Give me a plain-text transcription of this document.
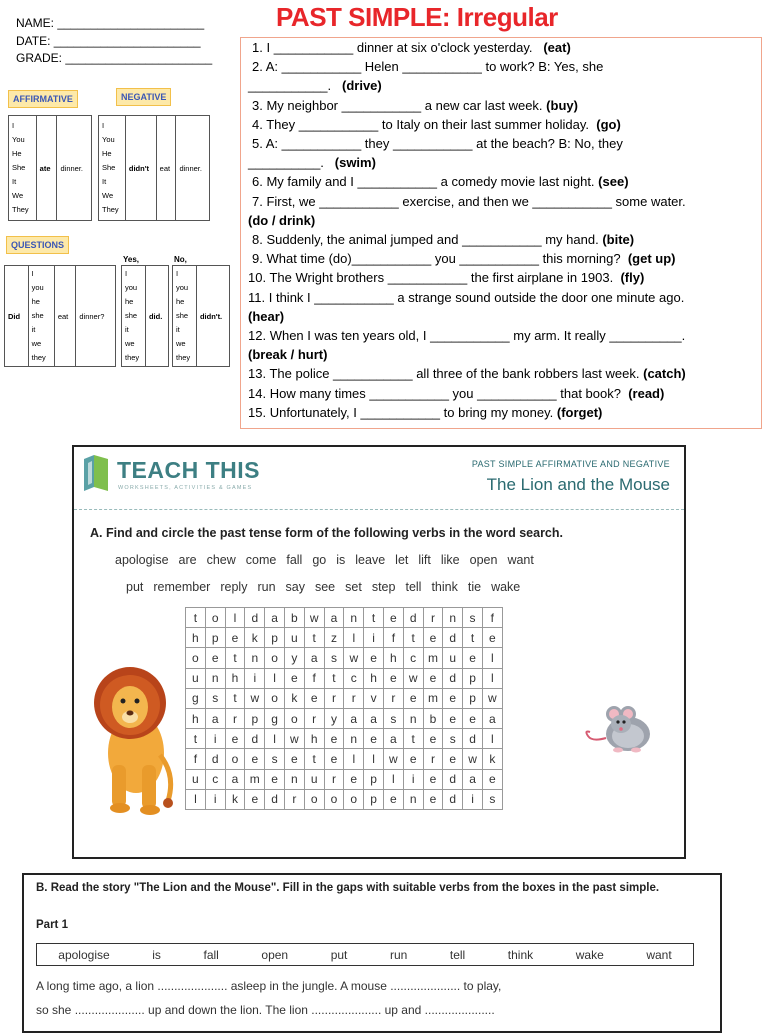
NAME: ______________________
DATE: ______________________
GRADE: ______________________
PAST SIMPLE: Irregular
AFFIRMATIVE	NEGATIVE
QUESTIONS
I
You
He
She
It
We
They
	ate	dinner.
I
You
He
She
It
We
They
	didn't	eat	dinner.
Did	
I
you
he
she
it
we
they
	eat	dinner?
Yes,	No,
I
you
he
she
it
we
they
	did.
I
you
he
she
it
we
they
	didn't.
1. I ___________ dinner at six o'clock yesterday. (eat)
2. A: ___________ Helen ___________ to work? B: Yes, she
___________. (drive)
3. My neighbor ___________ a new car last week. (buy)
4. They ___________ to Italy on their last summer holiday. (go)
5. A: ___________ they ___________ at the beach? B: No, they
__________. (swim)
6. My family and I ___________ a comedy movie last night. (see)
7. First, we ___________ exercise, and then we ___________ some water.
(do / drink)
8. Suddenly, the animal jumped and ___________ my hand. (bite)
9. What time (do)___________ you ___________ this morning? (get up)
10. The Wright brothers ___________ the first airplane in 1903. (fly)
11. I think I ___________ a strange sound outside the door one minute ago.
(hear)
12. When I was ten years old, I ___________ my arm. It really __________.
(break / hurt)
13. The police ___________ all three of the bank robbers last week. (catch)
14. How many times ___________ you ___________ that book? (read)
15. Unfortunately, I ___________ to bring my money. (forget)
TEACH THIS
WORKSHEETS, ACTIVITIES & GAMES
PAST SIMPLE AFFIRMATIVE AND NEGATIVE
The Lion and the Mouse
A. Find and circle the past tense form of the following verbs in the word search.
apologise are chew come fall go is leave let lift like open want
put remember reply run say see set step tell think tie wake
t	o	l	d	a	b	w	a	n	t	e	d	r	n	s	f
h	p	e	k	p	u	t	z	l	i	f	t	e	d	t	e
o	e	t	n	o	y	a	s	w	e	h	c	m	u	e	l
u	n	h	i	l	e	f	t	c	h	e	w	e	d	p	l
g	s	t	w	o	k	e	r	r	v	r	e	m	e	p	w
h	a	r	p	g	o	r	y	a	a	s	n	b	e	e	a
t	i	e	d	l	w	h	e	n	e	a	t	e	s	d	l
f	d	o	e	s	e	t	e	l	l	w	e	r	e	w	k
u	c	a	m	e	n	u	r	e	p	l	i	e	d	a	e
l	i	k	e	d	r	o	o	o	p	e	n	e	d	i	s
B. Read the story "The Lion and the Mouse". Fill in the gaps with suitable verbs from the boxes in the past simple.
Part 1
apologise	is	fall	open	put	run	tell	think	wake	want
A long time ago, a lion ..................... asleep in the jungle. A mouse ..................... to play,
so she ..................... up and down the lion. The lion ..................... up and .....................
